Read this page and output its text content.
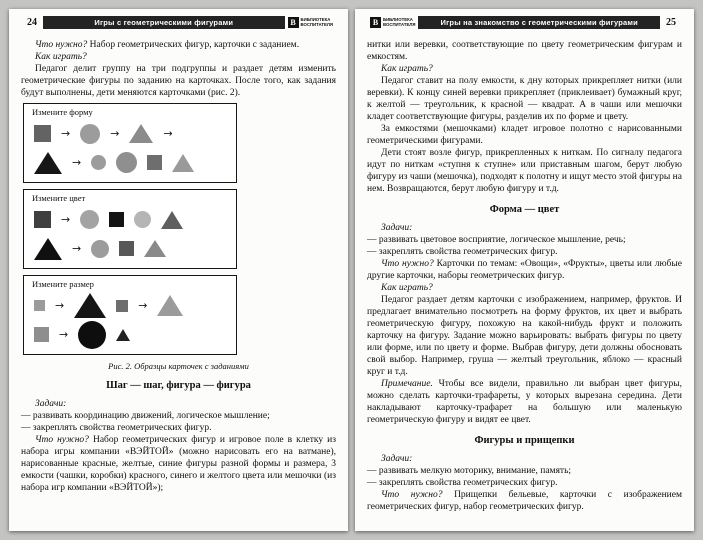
24	Игры с геометрическими фигурами	В	БИБЛИОТЕКА
ВОСПИТАТЕЛЯ

Что нужно? Набор геометрических фигур, карточки с заданием.

Как играть?

Педагог делит группу на три подгруппы и раздает детям изменить геометрические фигуры по заданию на карточках. После того, как задания будут выполнены, дети меняются карточками (рис. 2).

Измените форму
→	→	→
→
Измените цвет
→
→
Измените размер
→	→
→
Рис. 2. Образцы карточек с заданиями
Шаг — шаг, фигура — фигура

Задачи:

— развивать координацию движений, логическое мышление;

— закреплять свойства геометрических фигур.

Что нужно? Набор геометрических фигур и игровое поле в клетку из набора игры компании «ВЭЙТОЙ» (можно нарисовать его на ватмане), нарисованные красные, желтые, синие фигуры разной формы и размера, 3 емкости (чашки, коробки) красного, синего и желтого цвета или мешочки (из набора игр компании «ВЭЙТОЙ»);

В	БИБЛИОТЕКА
ВОСПИТАТЕЛЯ	Игры на знакомство с геометрическими фигурами	25

нитки или веревки, соответствующие по цвету геометрическим фигурам и емкостям.

Как играть?

Педагог ставит на полу емкости, к дну которых прикрепляет нитки (или веревки). К концу синей веревки прикрепляет (приклеивает) бумажный круг, к желтой — треугольник, к красной — квадрат. А в чаши или мешочки кладет соответствующие фигуры, разделив их по форме и цвету.

За емкостями (мешочками) кладет игровое полотно с нарисованными геометрическими фигурами.

Дети стоят возле фигур, прикрепленных к ниткам. По сигналу педагога идут по ниткам «ступня к ступне» или приставным шагом, берут любую фигуру из чаши (мешочка), подходят к полотну и ищут место этой фигуры на нем. Возвращаются, берут любую фигуру и т.д.

Форма — цвет

Задачи:

— развивать цветовое восприятие, логическое мышление, речь;

— закреплять свойства геометрических фигур.

Что нужно? Карточки по темам: «Овощи», «Фрукты», цветы или любые другие карточки, наборы геометрических фигур.

Как играть?

Педагог раздает детям карточки с изображением, например, фруктов. И предлагает внимательно посмотреть на форму фруктов, их цвет и выбрать геометрическую фигуру, похожую на какой-нибудь фрукт и положить карточку на фигуру. Задание можно варьировать: выбрать фигуры по цвету или форме, или по цвету и форме. Выбрав фигуру, дети должны обосновать свой выбор. Например, груша — желтый треугольник, яблоко — красный круг и т.д.

Примечание. Чтобы все видели, правильно ли выбран цвет фигуры, можно сделать карточки-трафареты, у которых вырезана середина. Дети накладывают карточку-трафарет на большую или маленькую геометрическую фигуру и видят ее цвет.

Фигуры и прищепки

Задачи:

— развивать мелкую моторику, внимание, память;

— закреплять свойства геометрических фигур.

Что нужно? Прищепки бельевые, карточки с изображением геометрических фигур, набор геометрических фигур.
